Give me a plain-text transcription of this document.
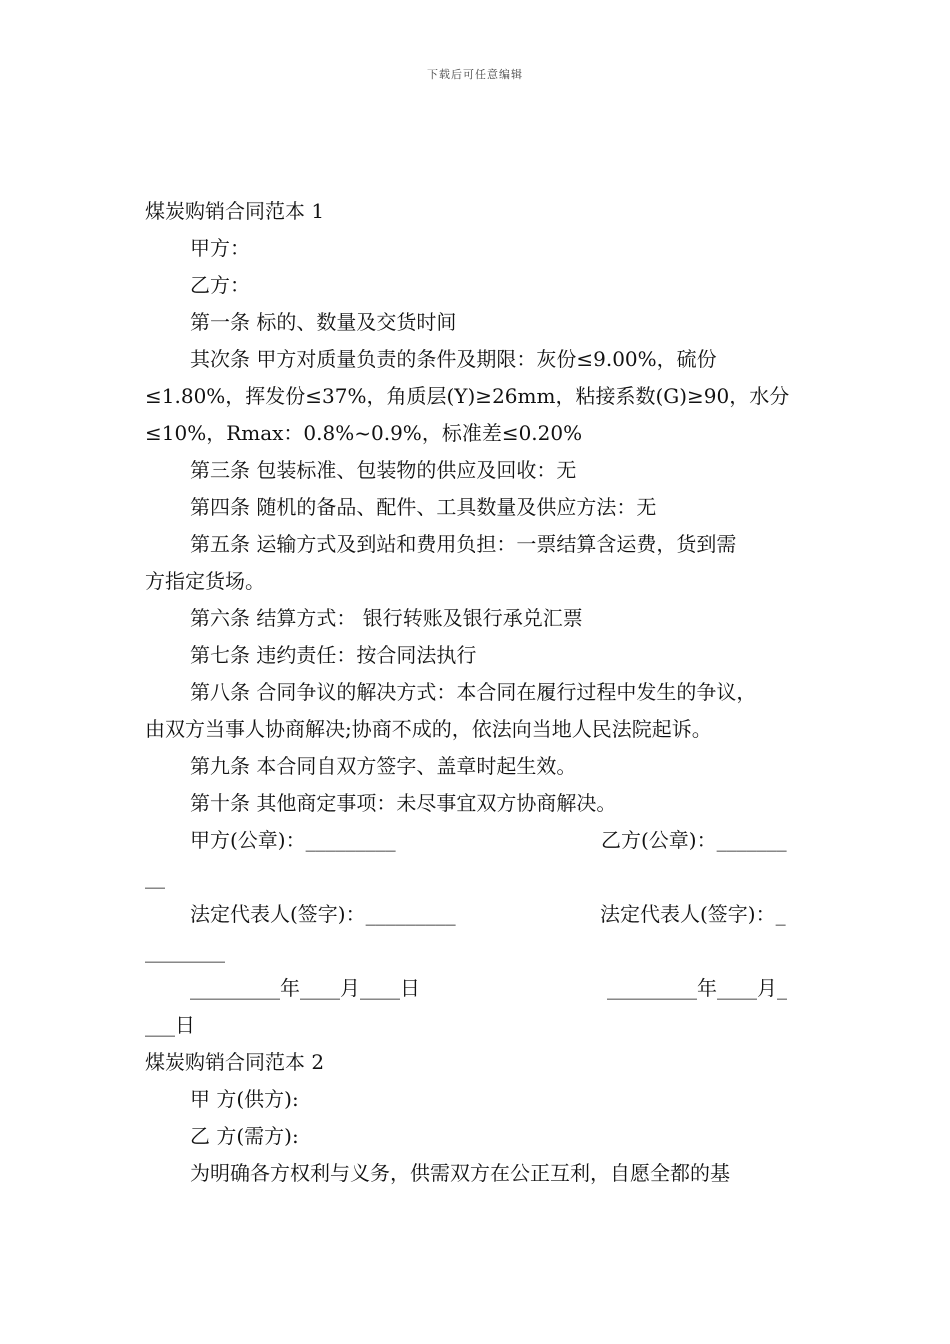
下载后可任意编辑
煤炭购销合同范本 1
甲方：
乙方：
第一条 标的、数量及交货时间
其次条 甲方对质量负责的条件及期限：灰份≤9.00%，硫份
≤1.80%，挥发份≤37%，角质层(Y)≥26mm，粘接系数(G)≥90，水分
≤10%，Rmax：0.8%~0.9%，标准差≤0.20%
第三条 包装标准、包装物的供应及回收：无
第四条 随机的备品、配件、工具数量及供应方法：无
第五条 运输方式及到站和费用负担：一票结算含运费，货到需
方指定货场。
第六条 结算方式： 银行转账及银行承兑汇票
第七条 违约责任：按合同法执行
第八条 合同争议的解决方式：本合同在履行过程中发生的争议，
由双方当事人协商解决;协商不成的，依法向当地人民法院起诉。
第九条 本合同自双方签字、盖章时起生效。
第十条 其他商定事项：未尽事宜双方协商解决。
甲方(公章)：_________	乙方(公章)：_______
__
法定代表人(签字)：_________	法定代表人(签字)：_
________
_________年____月____日	_________年____月_
___日
煤炭购销合同范本 2
甲 方(供方):
乙 方(需方):
为明确各方权利与义务，供需双方在公正互利，自愿全都的基
